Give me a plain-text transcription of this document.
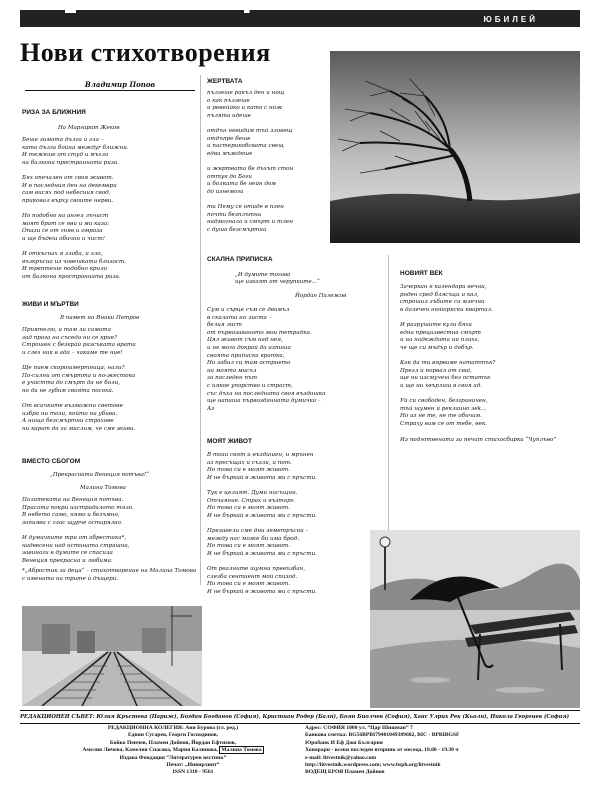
ЮБИЛЕЙ
Нови стихотворения
Владимир Попов
РИЗА ЗА БЛИЖНИЯ
На Маргарит Жеков
Беше зимата дълга и зла –
като дълга бойна междуr ближни.
И тежеше от студ и мъгла
на балкона пространната риза.

Бях опечален от своя живот.
И в последния ден на декември
сам висях под небесния свод,
приковал върху своите нерви.

Но подобно на ангел лъчист
моят брат се яви и ми каза:
Опази се от гняв и омраза
и ще бъдеш обичан и чист!

И откъснах я злоба, и зло,
възкръсна из човешката близост.
И трептеше подобно крило
от балкона пространната риза.
ЖИВИ И МЪРТВИ
В памет на Янаки Петров
Приятелю, и там ли самота
зад прага на съседа ни се крие?
Строшен с безкрай разсъката врата
и слез ник в ада – чакаме те ние!

Ще пием скорошмертница, нали?
По-силни от смъртта и по-жестока
е участта до смърт да не боли,
но да не губим своята посока.

От всичките възможни светове
избра ни този, който ни убива.
А нищо безсмъртни страхове
ни карат да ги мислим, че сме живи.
ВМЕСТО СБОГОМ
„Прекрасната Венеция потъва!“
Малина Томова
Палатеката на Венеция потъва.
Прасата покри изстрадалото тяло.
В небето само, нямо и безъмно,
запиява с глас щурче остарялао.

И думичките три от абрестика*,
надвесени над истината страшна,
завинаги в думите се спасила
Венеция прекрасна и любима.
*„Абростик за деца“ – стихотворение на Малина Томова с имената на трите ѝ дъщери.
ЖЕРТВАТА
пълзеше ракъл ден и нощ
о как пълзеше
и ревеййко и като с нож
пълята идеше

отдън невидим тъй зловещ
отдъпре беше
и пастерикобсвата свещ
едва мъждеше

и жертвата бе дъхът стон
оттук до Боги
и болката бе нейн дом
до изнемога

ти Нему се отиде в плен
почти безплътна
надмогнала и смърт и тлен
с душа безсмъртна
СКАЛНА ПРИПИСКА
„И думите тогава
ще изкаят от черупките...“
Йордан Палежов
Сум и сърце съм се двамъл
в скалата на листа –
белия лист
от първозаваното мои тетрадка.
Цял живот съм над нея,
и не мога докрай да изпиша
своята приписка кратка,
Но забил си там острието
на моята мисъл
за последен път
с някое упорство и страст,
със дъха на последната своя въздишка
ще напиша първозданната думичка –
Аз
МОЯТ ЖИВОТ
В този свят и въздишен, и мрънен
аз пресъщах и съзли, и пот.
Но това си е моят живот.
И не бъркай в живота ми с пръсти.

Тук е целият. Думи насъщни.
Отчаяние. Страх и възторг.
Но това си е моят живот.
И не бъркай в живота ми с пръсти.

Презивели сме дни земетръсни –
между нас може би има брод.
Но това си е моят живот.
И не бъркай в живота ми с пръсти.

От реалните шумни превъзбан,
слезба сентиент мой спизод.
Но това си е моят живот.
И не бъркай в живота ми с пръсти.
НОВИЯТ ВЕК
Зачеркан в календари вечни,
роден сред блясъци и кал,
строшил зъбите си млечни
в далечен нюйоркски квартал.

И разрушите кули бяха
една прецизвестна смърт
и на надеждата ни плаха,
че ще си мъдър и добър.

Как да ти вярваме нататтък?
Презл и порвал от сваі,
ще ни изсмучеш без остатък
и ще ни хвърлиш в своя ад.

Уй си свободен, безграничен,
тъй шумен и реклаино зеk...
Но аз не те, не те обичам.
Страху вам се от тебе, век.
Из подготвената за печат стихосбирка “Чуплъво”
РЕДАКЦИОНЕН СЪВЕТ: Юлия Кръстева (Париж), Богдан Богданов (София), Кристиан Родер (Балн), Боян Биолчев (София), Ханс Улрих Рек (Кьолн), Никола Георгиев (София)
РЕДАКЦИОННА КОЛЕГИЯ: Ани Бурова (гл. ред.)
Едвин Сугарев, Георги Господинов,
Бойко Пенчев, Пламен Дойнов, Йордан Ефтимов,
Амелия Личева, Камелия Спасова, Мария Калинова, Малина Томова
Издава Фондация “Литературен вестник”
Печат: „Инвирлинт“
ISSN 1310 - 9561
Адрес: СОФИЯ 1000 ул. “Цар Шишман” 7
Банкова сметка: BG56BPBI79401049389602, BIC - BPBIBGSF
Юробанк И Еф Джи България
Хонорари - всеки последен вторник от месеца, 18.00 - 19.30 ч
e-mail: litvestnik@yahoo.com
http://litvestnik.wordpress.com; www.bsph.org/litvestnik
ВОДЕЩ БРОЯ Пламен Дойнов
